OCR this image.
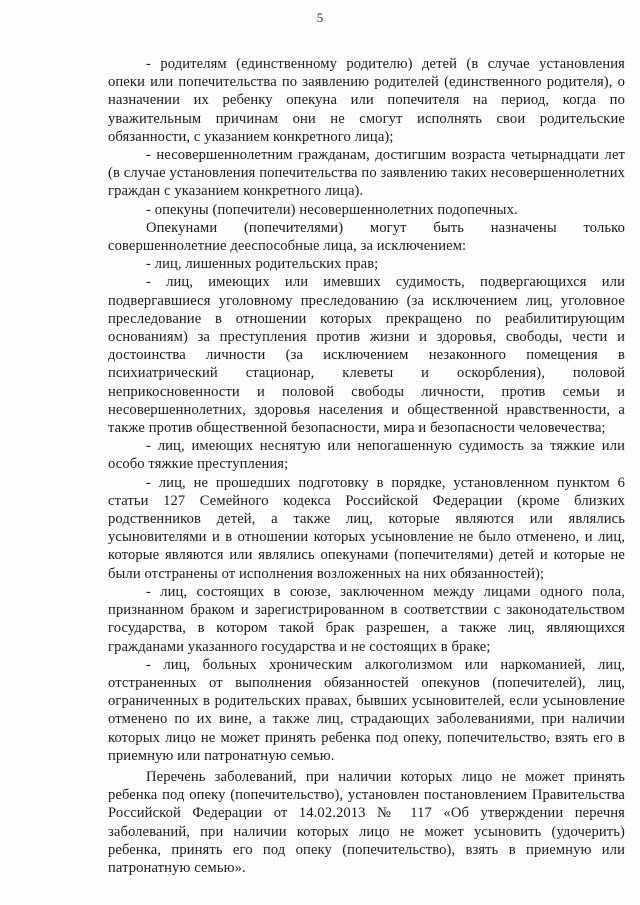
5

- родителям (единственному родителю) детей (в случае установления опеки или попечительства по заявлению родителей (единственного родителя), о назначении их ребенку опекуна или попечителя на период, когда по уважительным причинам они не смогут исполнять свои родительские обязанности, с указанием конкретного лица);

- несовершеннолетним гражданам, достигшим возраста четырнадцати лет (в случае установления попечительства по заявлению таких несовершеннолетних граждан с указанием конкретного лица).

- опекуны (попечители) несовершеннолетних подопечных.

Опекунами (попечителями) могут быть назначены только совершеннолетние дееспособные лица, за исключением:

- лиц, лишенных родительских прав;

- лиц, имеющих или имевших судимость, подвергающихся или подвергавшиеся уголовному преследованию (за исключением лиц, уголовное преследование в отношении которых прекращено по реабилитирующим основаниям) за преступления против жизни и здоровья, свободы, чести и достоинства личности (за исключением незаконного помещения в психиатрический стационар, клеветы и оскорбления), половой неприкосновенности и половой свободы личности, против семьи и несовершеннолетних, здоровья населения и общественной нравственности, а также против общественной безопасности, мира и безопасности человечества;

- лиц, имеющих неснятую или непогашенную судимость за тяжкие или особо тяжкие преступления;

- лиц, не прошедших подготовку в порядке, установленном пунктом 6 статьи 127 Семейного кодекса Российской Федерации (кроме близких родственников детей, а также лиц, которые являются или являлись усыновителями и в отношении которых усыновление не было отменено, и лиц, которые являются или являлись опекунами (попечителями) детей и которые не были отстранены от исполнения возложенных на них обязанностей);

- лиц, состоящих в союзе, заключенном между лицами одного пола, признанном браком и зарегистрированном в соответствии с законодательством государства, в котором такой брак разрешен, а также лиц, являющихся гражданами указанного государства и не состоящих в браке;

- лиц, больных хроническим алкоголизмом или наркоманией, лиц, отстраненных от выполнения обязанностей опекунов (попечителей), лиц, ограниченных в родительских правах, бывших усыновителей, если усыновление отменено по их вине, а также лиц, страдающих заболеваниями, при наличии которых лицо не может принять ребенка под опеку, попечительство, взять его в приемную или патронатную семью.

Перечень заболеваний, при наличии которых лицо не может принять ребенка под опеку (попечительство), установлен постановлением Правительства Российской Федерации от 14.02.2013 № 117 «Об утверждении перечня заболеваний, при наличии которых лицо не может усыновить (удочерить) ребенка, принять его под опеку (попечительство), взять в приемную или патронатную семью».
